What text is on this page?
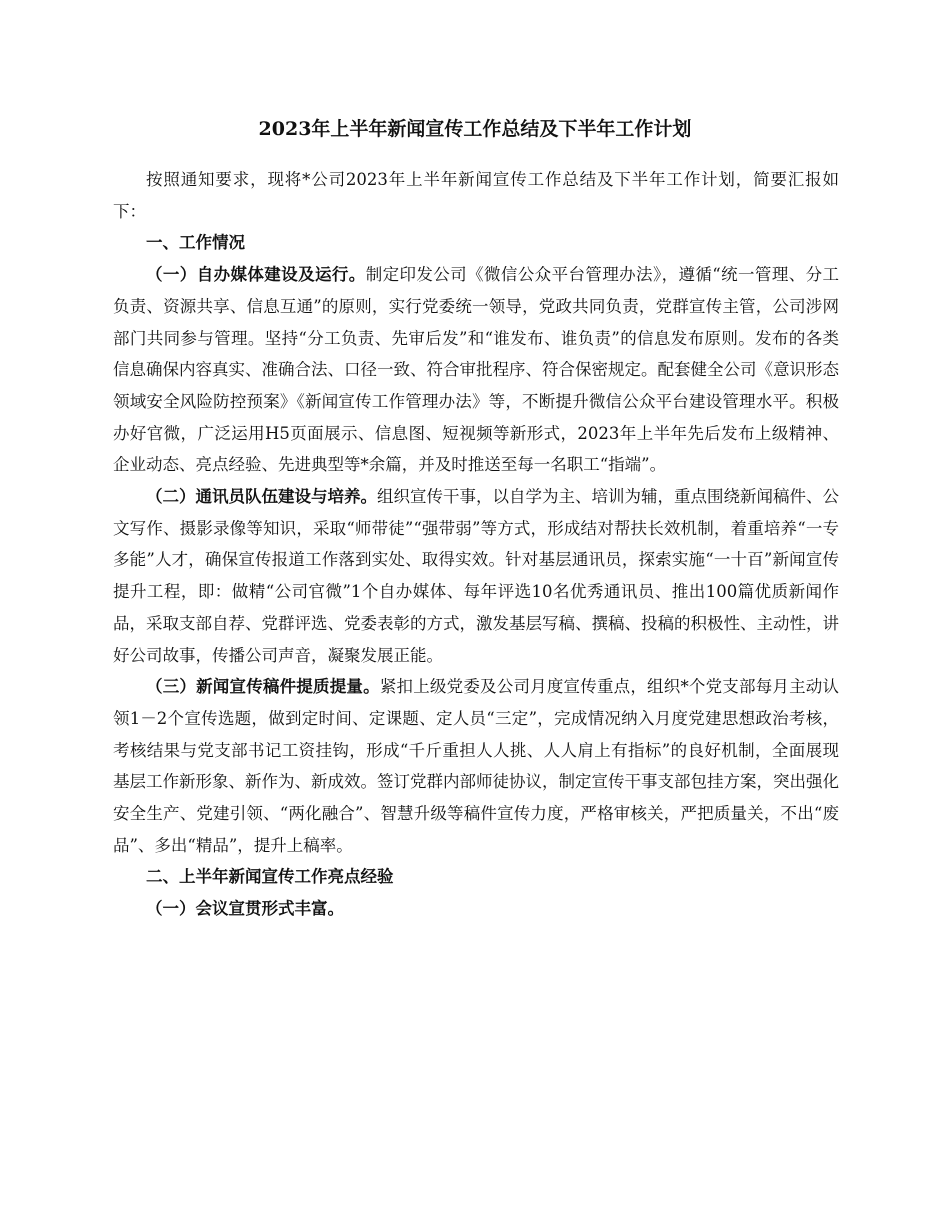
2023年上半年新闻宣传工作总结及下半年工作计划

按照通知要求，现将*公司2023年上半年新闻宣传工作总结及下半年工作计划，简要汇报如下：

一、工作情况

（一）自办媒体建设及运行。制定印发公司《微信公众平台管理办法》，遵循“统一管理、分工负责、资源共享、信息互通”的原则，实行党委统一领导，党政共同负责，党群宣传主管，公司涉网部门共同参与管理。坚持“分工负责、先审后发”和“谁发布、谁负责”的信息发布原则。发布的各类信息确保内容真实、准确合法、口径一致、符合审批程序、符合保密规定。配套健全公司《意识形态领域安全风险防控预案》《新闻宣传工作管理办法》等，不断提升微信公众平台建设管理水平。积极办好官微，广泛运用H5页面展示、信息图、短视频等新形式，2023年上半年先后发布上级精神、企业动态、亮点经验、先进典型等*余篇，并及时推送至每一名职工“指端”。

（二）通讯员队伍建设与培养。组织宣传干事，以自学为主、培训为辅，重点围绕新闻稿件、公文写作、摄影录像等知识，采取“师带徒”“强带弱”等方式，形成结对帮扶长效机制，着重培养“一专多能”人才，确保宣传报道工作落到实处、取得实效。针对基层通讯员，探索实施“一十百”新闻宣传提升工程，即：做精“公司官微”1个自办媒体、每年评选10名优秀通讯员、推出100篇优质新闻作品，采取支部自荐、党群评选、党委表彰的方式，激发基层写稿、撰稿、投稿的积极性、主动性，讲好公司故事，传播公司声音，凝聚发展正能。

（三）新闻宣传稿件提质提量。紧扣上级党委及公司月度宣传重点，组织*个党支部每月主动认领1－2个宣传选题，做到定时间、定课题、定人员“三定”，完成情况纳入月度党建思想政治考核，考核结果与党支部书记工资挂钩，形成“千斤重担人人挑、人人肩上有指标”的良好机制，全面展现基层工作新形象、新作为、新成效。签订党群内部师徒协议，制定宣传干事支部包挂方案，突出强化安全生产、党建引领、“两化融合”、智慧升级等稿件宣传力度，严格审核关，严把质量关，不出“废品”、多出“精品”，提升上稿率。

二、上半年新闻宣传工作亮点经验

（一）会议宣贯形式丰富。
